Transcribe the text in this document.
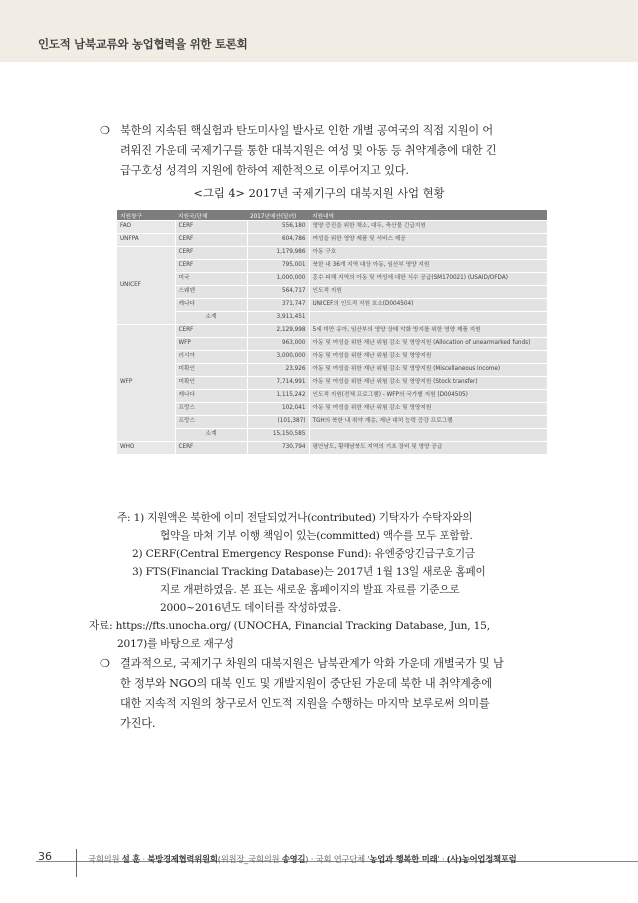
인도적 남북교류와 농업협력을 위한 토론회
❍ 북한의 지속된 핵실험과 탄도미사일 발사로 인한 개별 공여국의 직접 지원이 어
려워진 가운데 국제기구를 통한 대북지원은 여성 및 아동 등 취약계층에 대한 긴
급구호성 성격의 지원에 한하여 제한적으로 이루어지고 있다.
<그림 4> 2017년 국제기구의 대북지원 사업 현황
지원창구	지원국/단체	2017년예산(달러)	지원내역
FAO	CERF	556,180	영양 증진을 위한 채소, 대두, 축산물 긴급지원
UNFPA	CERF	604,786	여성을 위한 영양 제품 및 서비스 제공
UNICEF	CERF	1,179,986	아동 구호
	CERF	795,001	북한 내 36개 지역 대상 아동, 임산부 영양 지원
	미국	1,000,000	홍수 피해 지역의 아동 및 여성에 대한 식수 공급(SM170021) (USAID/OFDA)
	스웨덴	564,717	인도적 지원
	캐나다	371,747	UNICEF의 인도적 지원 호소(D004504)
	소계	3,911,451	
WFP	CERF	2,129,998	5세 미만 유아, 임산부의 영양 상태 악화 방지를 위한 영양 제품 지원
	WFP	963,000	아동 및 여성을 위한 재난 위험 감소 및 영양지원 (Allocation of unearmarked funds)
	러시아	3,000,000	아동 및 여성을 위한 재난 위험 감소 및 영양지원
	미확인	23,926	아동 및 여성을 위한 재난 위험 감소 및 영양지원 (Miscellaneous income)
	미확인	7,714,991	아동 및 여성을 위한 재난 위험 감소 및 영양지원 (Stock transfer)
	캐나다	1,115,242	인도적 지원(전체 프로그램) - WFP의 국가별 지원 (D004505)
	프랑스	102,041	아동 및 여성을 위한 재난 위험 감소 및 영양지원
	프랑스	(101,387)	TGH의 북한 내 취약 계층, 재난 대처 능력 증강 프로그램
	소계	15,150,585	
WHO	CERF	730,794	평안남도, 황해남북도 지역의 기초 장비 및 영양 공급
주: 1) 지원액은 북한에 이미 전달되었거나(contributed) 기탁자가 수탁자와의
협약을 마쳐 기부 이행 책임이 있는(committed) 액수를 모두 포함함.
2) CERF(Central Emergency Response Fund): 유엔중앙긴급구호기금
3) FTS(Financial Tracking Database)는 2017년 1월 13일 새로운 홈페이
지로 개편하였음. 본 표는 새로운 홈페이지의 발표 자료를 기준으로
2000~2016년도 데이터를 작성하였음.
자료: https://fts.unocha.org/ (UNOCHA, Financial Tracking Database, Jun, 15,
2017)를 바탕으로 재구성
❍ 결과적으로, 국제기구 차원의 대북지원은 남북관계가 악화 가운데 개별국가 및 남
한 정부와 NGO의 대북 인도 및 개발지원이 중단된 가운데 북한 내 취약계층에
대한 지속적 지원의 창구로서 인도적 지원을 수행하는 마지막 보루로써 의미를
가진다.
36	국회의원 설 훈 · 북방경제협력위원회(위원장_국회의원 송영길) · 국회 연구단체 '농업과 행복한 미래' · (사)농어업정책포럼
